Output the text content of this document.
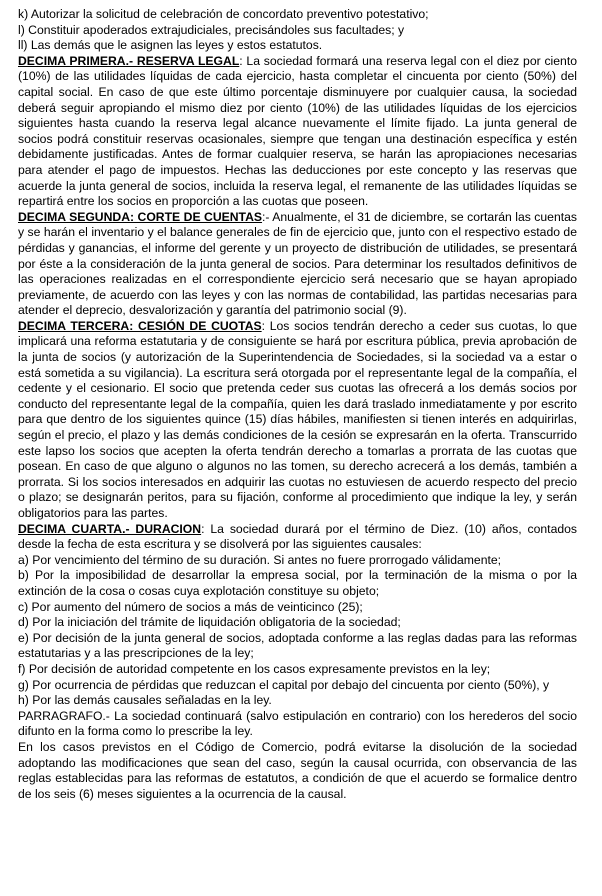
k) Autorizar la solicitud de celebración de concordato preventivo potestativo;

l) Constituir apoderados extrajudiciales, precisándoles sus facultades; y

ll) Las demás que le asignen las leyes y estos estatutos.

DECIMA PRIMERA.- RESERVA LEGAL: La sociedad formará una reserva legal con el diez por ciento (10%) de las utilidades líquidas de cada ejercicio, hasta completar el cincuenta por ciento (50%) del capital social. En caso de que este último porcentaje disminuyere por cualquier causa, la sociedad deberá seguir apropiando el mismo diez por ciento (10%) de las utilidades líquidas de los ejercicios siguientes hasta cuando la reserva legal alcance nuevamente el límite fijado. La junta general de socios podrá constituir reservas ocasionales, siempre que tengan una destinación específica y estén debidamente justificadas. Antes de formar cualquier reserva, se harán las apropiaciones necesarias para atender el pago de impuestos. Hechas las deducciones por este concepto y las reservas que acuerde la junta general de socios, incluida la reserva legal, el remanente de las utilidades líquidas se repartirá entre los socios en proporción a las cuotas que poseen.

DECIMA SEGUNDA: CORTE DE CUENTAS:- Anualmente, el 31 de diciembre, se cortarán las cuentas y se harán el inventario y el balance generales de fin de ejercicio que, junto con el respectivo estado de pérdidas y ganancias, el informe del gerente y un proyecto de distribución de utilidades, se presentará por éste a la consideración de la junta general de socios. Para determinar los resultados definitivos de las operaciones realizadas en el correspondiente ejercicio será necesario que se hayan apropiado previamente, de acuerdo con las leyes y con las normas de contabilidad, las partidas necesarias para atender el deprecio, desvalorización y garantía del patrimonio social (9).

DECIMA TERCERA: CESIÓN DE CUOTAS: Los socios tendrán derecho a ceder sus cuotas, lo que implicará una reforma estatutaria y de consiguiente se hará por escritura pública, previa aprobación de la junta de socios (y autorización de la Superintendencia de Sociedades, si la sociedad va a estar o está sometida a su vigilancia). La escritura será otorgada por el representante legal de la compañía, el cedente y el cesionario. El socio que pretenda ceder sus cuotas las ofrecerá a los demás socios por conducto del representante legal de la compañía, quien les dará traslado inmediatamente y por escrito para que dentro de los siguientes quince (15) días hábiles, manifiesten si tienen interés en adquirirlas, según el precio, el plazo y las demás condiciones de la cesión se expresarán en la oferta. Transcurrido este lapso los socios que acepten la oferta tendrán derecho a tomarlas a prorrata de las cuotas que posean. En caso de que alguno o algunos no las tomen, su derecho acrecerá a los demás, también a prorrata. Si los socios interesados en adquirir las cuotas no estuviesen de acuerdo respecto del precio o plazo; se designarán peritos, para su fijación, conforme al procedimiento que indique la ley, y serán obligatorios para las partes.

DECIMA CUARTA.- DURACION: La sociedad durará por el término de Diez. (10) años, contados desde la fecha de esta escritura y se disolverá por las siguientes causales:

a) Por vencimiento del término de su duración. Si antes no fuere prorrogado válidamente;

b) Por la imposibilidad de desarrollar la empresa social, por la terminación de la misma o por la extinción de la cosa o cosas cuya explotación constituye su objeto;

c) Por aumento del número de socios a más de veinticinco (25);

d) Por la iniciación del trámite de liquidación obligatoria de la sociedad;

e) Por decisión de la junta general de socios, adoptada conforme a las reglas dadas para las reformas estatutarias y a las prescripciones de la ley;

f) Por decisión de autoridad competente en los casos expresamente previstos en la ley;

g) Por ocurrencia de pérdidas que reduzcan el capital por debajo del cincuenta por ciento (50%), y

h) Por las demás causales señaladas en la ley.

PARRAGRAFO.- La sociedad continuará (salvo estipulación en contrario) con los herederos del socio difunto en la forma como lo prescribe la ley.

En los casos previstos en el Código de Comercio, podrá evitarse la disolución de la sociedad adoptando las modificaciones que sean del caso, según la causal ocurrida, con observancia de las reglas establecidas para las reformas de estatutos, a condición de que el acuerdo se formalice dentro de los seis (6) meses siguientes a la ocurrencia de la causal.
